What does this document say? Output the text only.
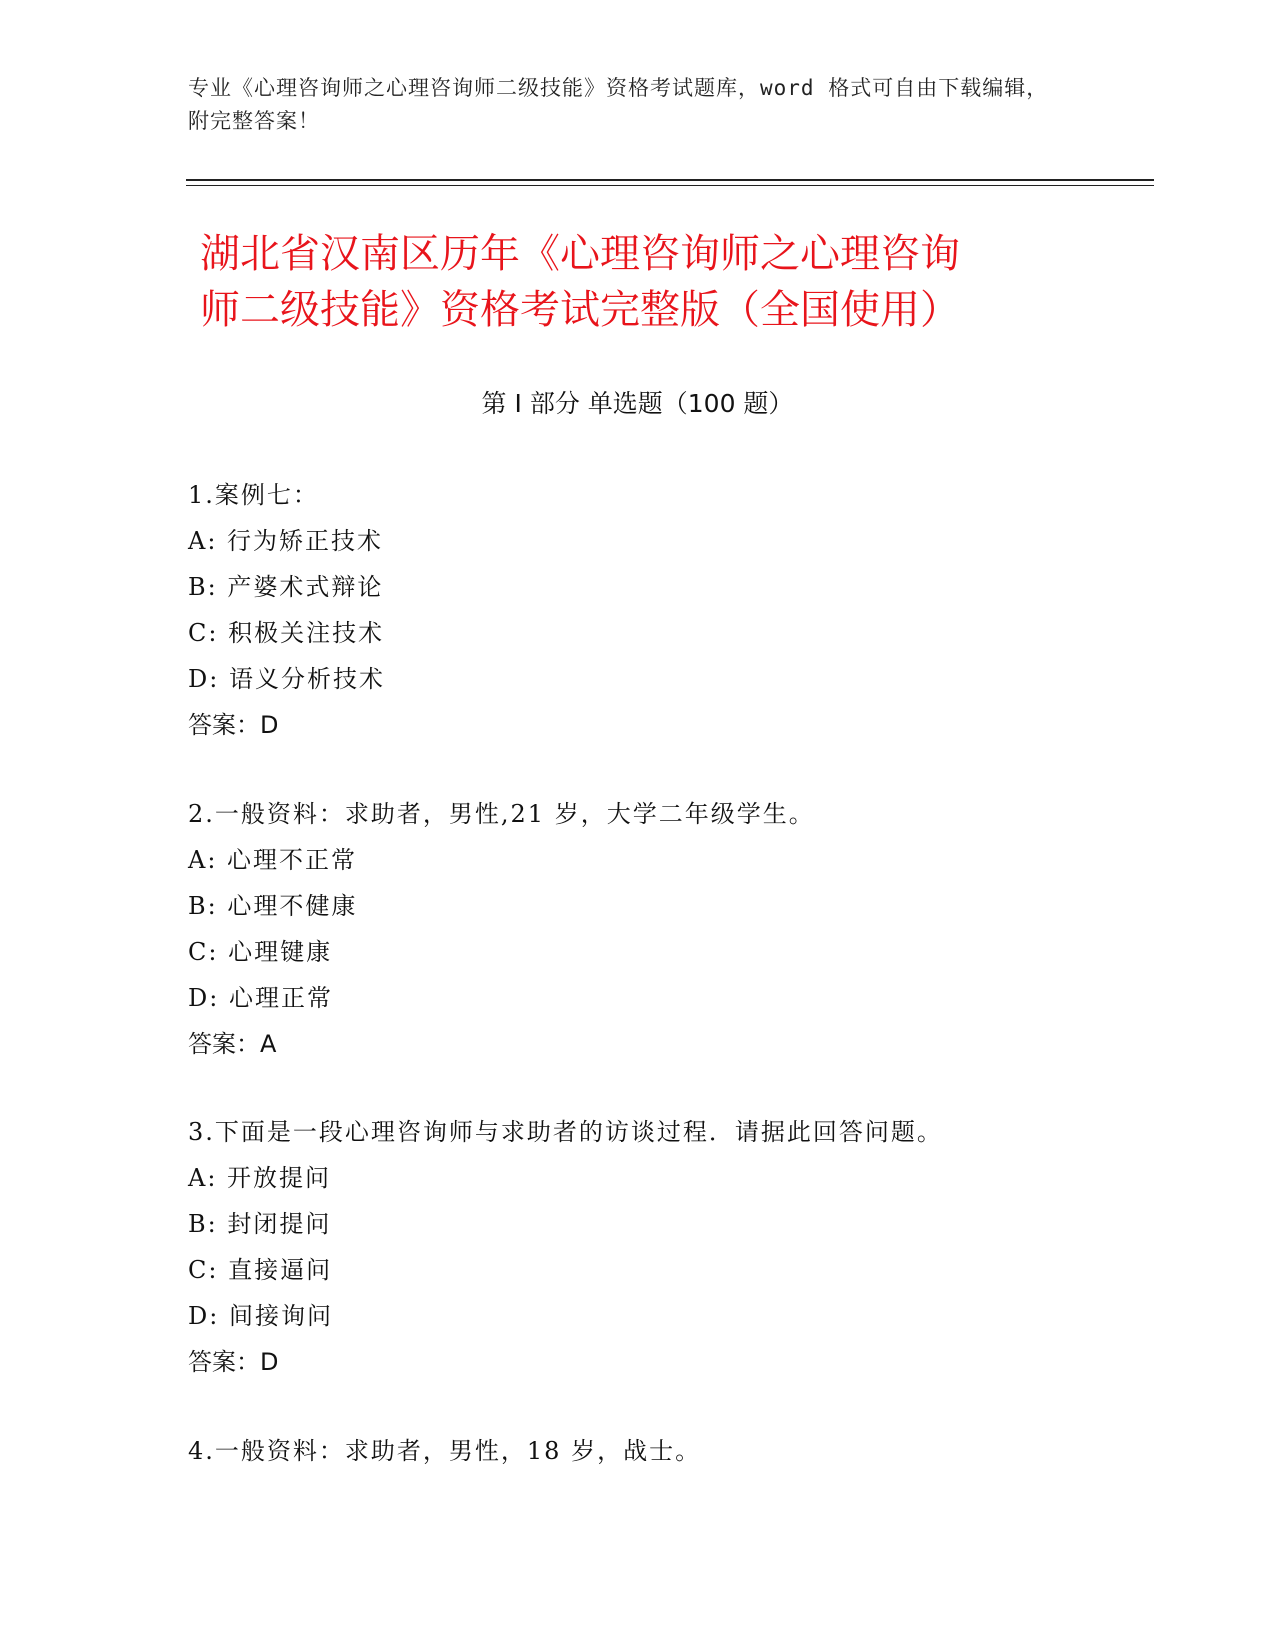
专业《心理咨询师之心理咨询师二级技能》资格考试题库，word 格式可自由下载编辑，附完整答案！
湖北省汉南区历年《心理咨询师之心理咨询
师二级技能》资格考试完整版（全国使用）
第 I 部分 单选题（100 题）
1.案例七：
A: 行为矫正技术
B: 产婆术式辩论
C: 积极关注技术
D: 语义分析技术
答案：D
2.一般资料：求助者，男性,21 岁，大学二年级学生。
A: 心理不正常
B: 心理不健康
C: 心理键康
D: 心理正常
答案：A
3.下面是一段心理咨询师与求助者的访谈过程．请据此回答问题。
A: 开放提问
B: 封闭提问
C: 直接逼问
D: 间接询问
答案：D
4.一般资料：求助者，男性，18 岁，战士。
